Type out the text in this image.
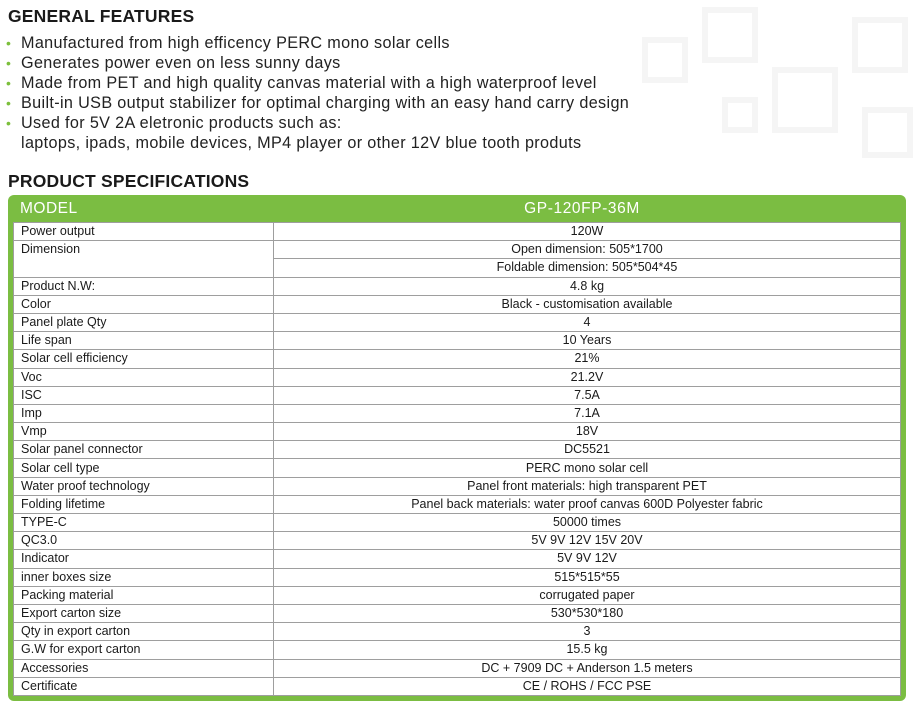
GENERAL FEATURES
• Manufactured from high efficency PERC mono solar cells
• Generates power even on less sunny days
• Made from PET and high quality canvas material with a high waterproof level
• Built-in USB output stabilizer for optimal charging with an easy hand carry design
• Used for 5V 2A eletronic products such as:
laptops, ipads, mobile devices, MP4 player or other 12V blue tooth produts
PRODUCT SPECIFICATIONS
MODEL	GP-120FP-36M
Power output	120W
Dimension	Open dimension: 505*1700
	Foldable dimension: 505*504*45
Product N.W:	4.8 kg
Color	Black - customisation available
Panel plate Qty	4
Life span	10 Years
Solar cell efficiency	21%
Voc	21.2V
ISC	7.5A
Imp	7.1A
Vmp	18V
Solar panel connector	DC5521
Solar cell type	PERC mono solar cell
Water proof technology	Panel front materials: high transparent PET
Folding lifetime	Panel back materials: water proof canvas 600D Polyester fabric
TYPE-C	50000 times
QC3.0	5V 9V 12V 15V 20V
Indicator	5V 9V 12V
inner boxes size	515*515*55
Packing material	corrugated paper
Export carton size	530*530*180
Qty in export carton	3
G.W for export carton	15.5 kg
Accessories	DC + 7909 DC + Anderson 1.5 meters
Certificate	CE / ROHS / FCC PSE
